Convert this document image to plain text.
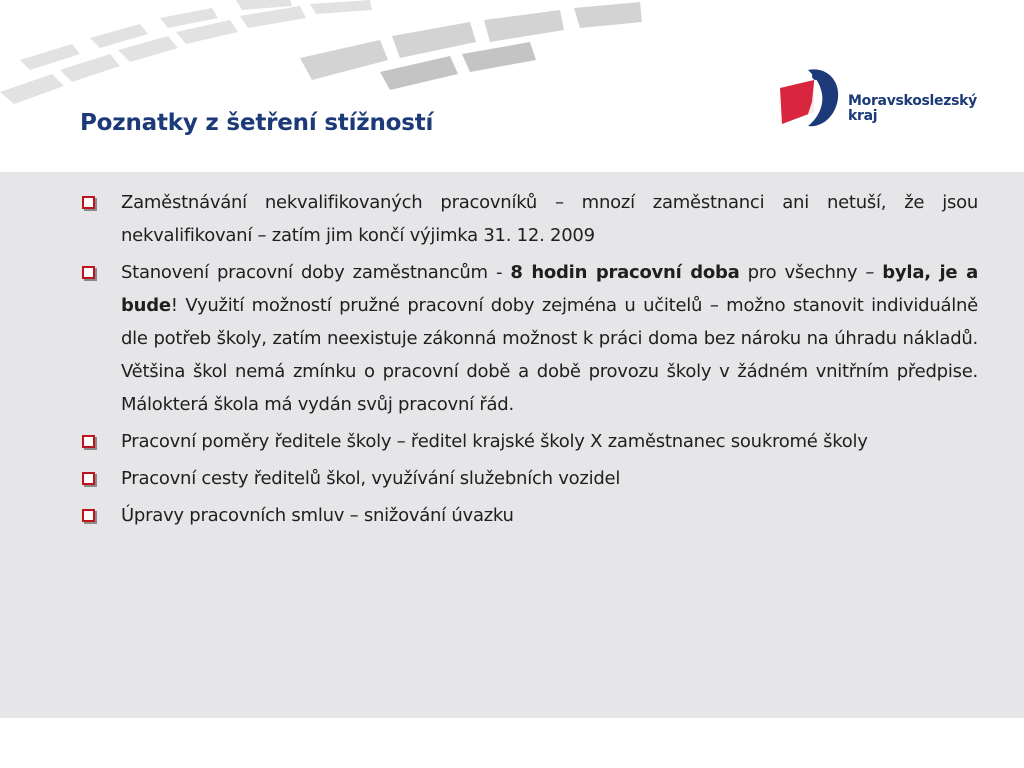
Poznatky z šetření stížností
Moravskoslezský
kraj
Zaměstnávání nekvalifikovaných pracovníků – mnozí zaměstnanci ani netuší, že jsou nekvalifikovaní – zatím jim končí výjimka 31. 12. 2009
Stanovení pracovní doby zaměstnancům - 8 hodin pracovní doba pro všechny – byla, je a bude! Využití možností pružné pracovní doby zejména u učitelů – možno stanovit individuálně dle potřeb školy, zatím neexistuje zákonná možnost k práci doma bez nároku na úhradu nákladů. Většina škol nemá zmínku o pracovní době a době provozu školy v žádném vnitřním předpise. Málokterá škola má vydán svůj pracovní řád.
Pracovní poměry ředitele školy – ředitel krajské školy X zaměstnanec soukromé školy
Pracovní cesty ředitelů škol, využívání služebních vozidel
Úpravy pracovních smluv – snižování úvazku
